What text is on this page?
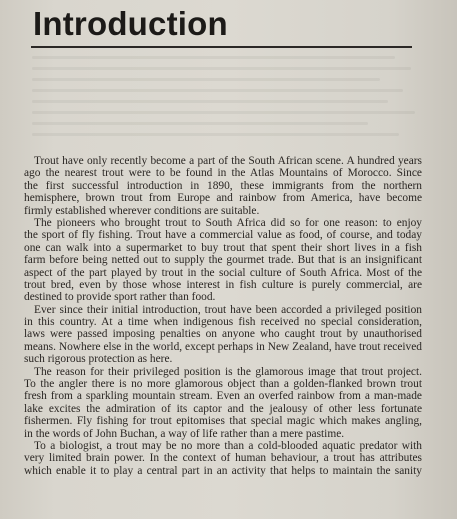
Introduction

Trout have only recently become a part of the South African scene. A hundred years
ago the nearest trout were to be found in the Atlas Mountains of Morocco. Since
the first successful introduction in 1890, these immigrants from the northern
hemisphere, brown trout from Europe and rainbow from America, have become
firmly established wherever conditions are suitable.

The pioneers who brought trout to South Africa did so for one reason: to enjoy
the sport of fly fishing. Trout have a commercial value as food, of course, and today
one can walk into a supermarket to buy trout that spent their short lives in a fish
farm before being netted out to supply the gourmet trade. But that is an insignificant
aspect of the part played by trout in the social culture of South Africa. Most of the
trout bred, even by those whose interest in fish culture is purely commercial, are
destined to provide sport rather than food.

Ever since their initial introduction, trout have been accorded a privileged position
in this country. At a time when indigenous fish received no special consideration,
laws were passed imposing penalties on anyone who caught trout by unauthorised
means. Nowhere else in the world, except perhaps in New Zealand, have trout received
such rigorous protection as here.

The reason for their privileged position is the glamorous image that trout project.
To the angler there is no more glamorous object than a golden-flanked brown trout
fresh from a sparkling mountain stream. Even an overfed rainbow from a man-made
lake excites the admiration of its captor and the jealousy of other less fortunate
fishermen. Fly fishing for trout epitomises that special magic which makes angling,
in the words of John Buchan, a way of life rather than a mere pastime.

To a biologist, a trout may be no more than a cold-blooded aquatic predator with
very limited brain power. In the context of human behaviour, a trout has attributes
which enable it to play a central part in an activity that helps to maintain the sanity
